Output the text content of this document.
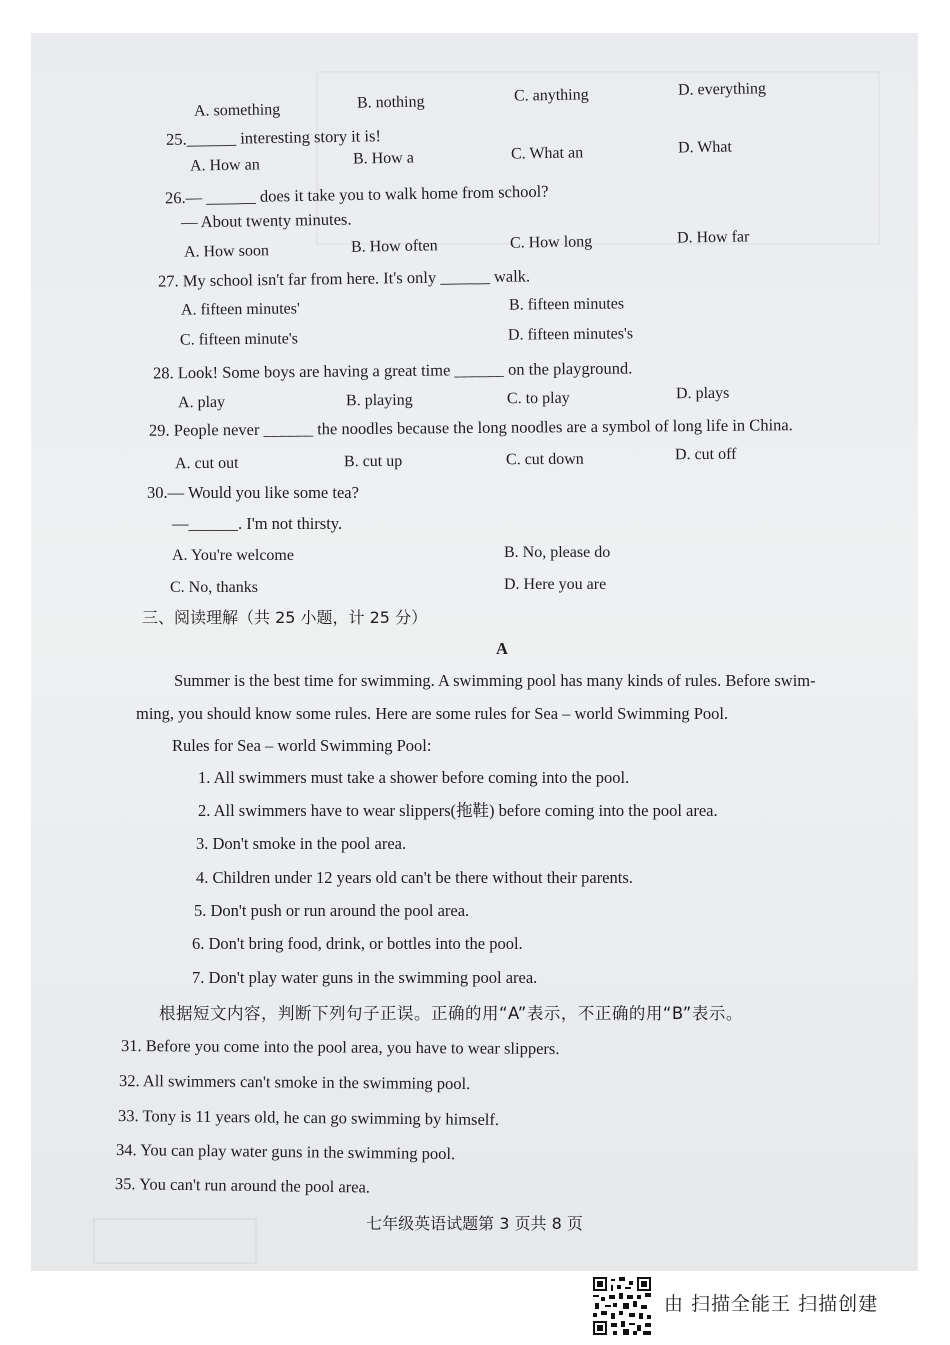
A. something	B. nothing	C. anything	D. everything
25.______ interesting story it is!
A. How an	B. How a	C. What an	D. What
26.— ______ does it take you to walk home from school?
— About twenty minutes.
A. How soon	B. How often	C. How long	D. How far
27. My school isn't far from here. It's only ______ walk.
A. fifteen minutes'	B. fifteen minutes
C. fifteen minute's	D. fifteen minutes's
28. Look! Some boys are having a great time ______ on the playground.
A. play	B. playing	C. to play	D. plays
29. People never ______ the noodles because the long noodles are a symbol of long life in China.
A. cut out	B. cut up	C. cut down	D. cut off
30.— Would you like some tea?
—______. I'm not thirsty.
A. You're welcome	B. No, please do
C. No, thanks	D. Here you are
三、阅读理解（共 25 小题，计 25 分）
A
Summer is the best time for swimming. A swimming pool has many kinds of rules. Before swim-
ming, you should know some rules. Here are some rules for Sea – world Swimming Pool.
Rules for Sea – world Swimming Pool:
1. All swimmers must take a shower before coming into the pool.
2. All swimmers have to wear slippers(拖鞋) before coming into the pool area.
3. Don't smoke in the pool area.
4. Children under 12 years old can't be there without their parents.
5. Don't push or run around the pool area.
6. Don't bring food, drink, or bottles into the pool.
7. Don't play water guns in the swimming pool area.
根据短文内容，判断下列句子正误。正确的用“A”表示，不正确的用“B”表示。
31. Before you come into the pool area, you have to wear slippers.
32. All swimmers can't smoke in the swimming pool.
33. Tony is 11 years old, he can go swimming by himself.
34. You can play water guns in the swimming pool.
35. You can't run around the pool area.
七年级英语试题第 3 页共 8 页
由 扫描全能王 扫描创建
